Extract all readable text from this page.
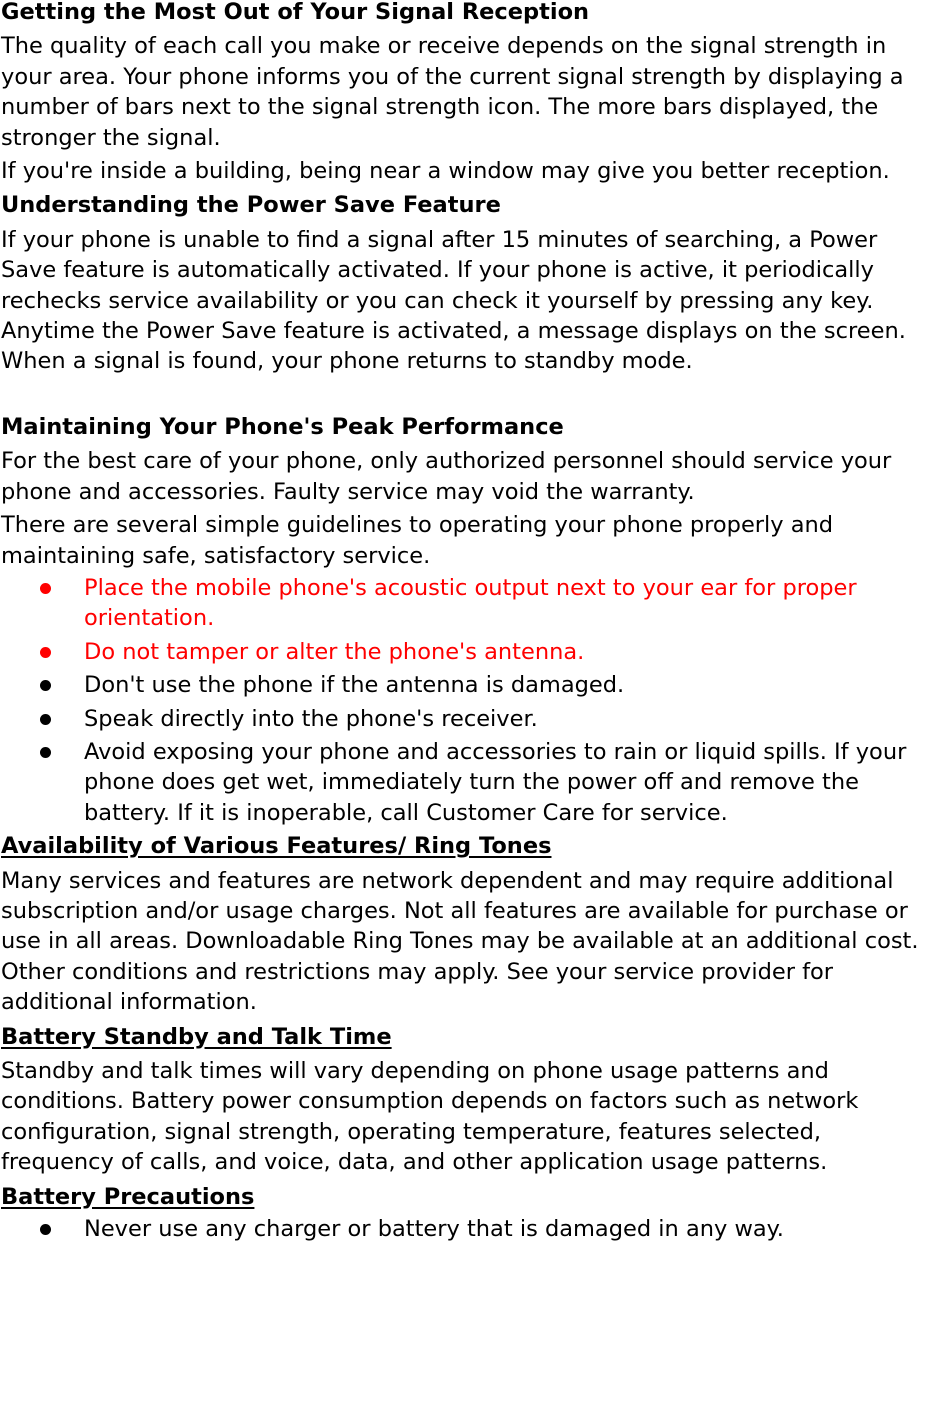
Getting the Most Out of Your Signal Reception

The quality of each call you make or receive depends on the signal strength in your area. Your phone informs you of the current signal strength by displaying a number of bars next to the signal strength icon. The more bars displayed, the stronger the signal.

If you're inside a building, being near a window may give you better reception.

Understanding the Power Save Feature

If your phone is unable to find a signal after 15 minutes of searching, a Power Save feature is automatically activated. If your phone is active, it periodically rechecks service availability or you can check it yourself by pressing any key.

Anytime the Power Save feature is activated, a message displays on the screen. When a signal is found, your phone returns to standby mode.

Maintaining Your Phone's Peak Performance

For the best care of your phone, only authorized personnel should service your phone and accessories. Faulty service may void the warranty.

There are several simple guidelines to operating your phone properly and maintaining safe, satisfactory service.

Place the mobile phone's acoustic output next to your ear for proper orientation.
Do not tamper or alter the phone's antenna.
Don't use the phone if the antenna is damaged.
Speak directly into the phone's receiver.
Avoid exposing your phone and accessories to rain or liquid spills. If your phone does get wet, immediately turn the power off and remove the battery. If it is inoperable, call Customer Care for service.
Availability of Various Features/ Ring Tones

Many services and features are network dependent and may require additional subscription and/or usage charges. Not all features are available for purchase or use in all areas. Downloadable Ring Tones may be available at an additional cost. Other conditions and restrictions may apply. See your service provider for additional information.

Battery Standby and Talk Time

Standby and talk times will vary depending on phone usage patterns and conditions. Battery power consumption depends on factors such as network configuration, signal strength, operating temperature, features selected, frequency of calls, and voice, data, and other application usage patterns.

Battery Precautions
Never use any charger or battery that is damaged in any way.
